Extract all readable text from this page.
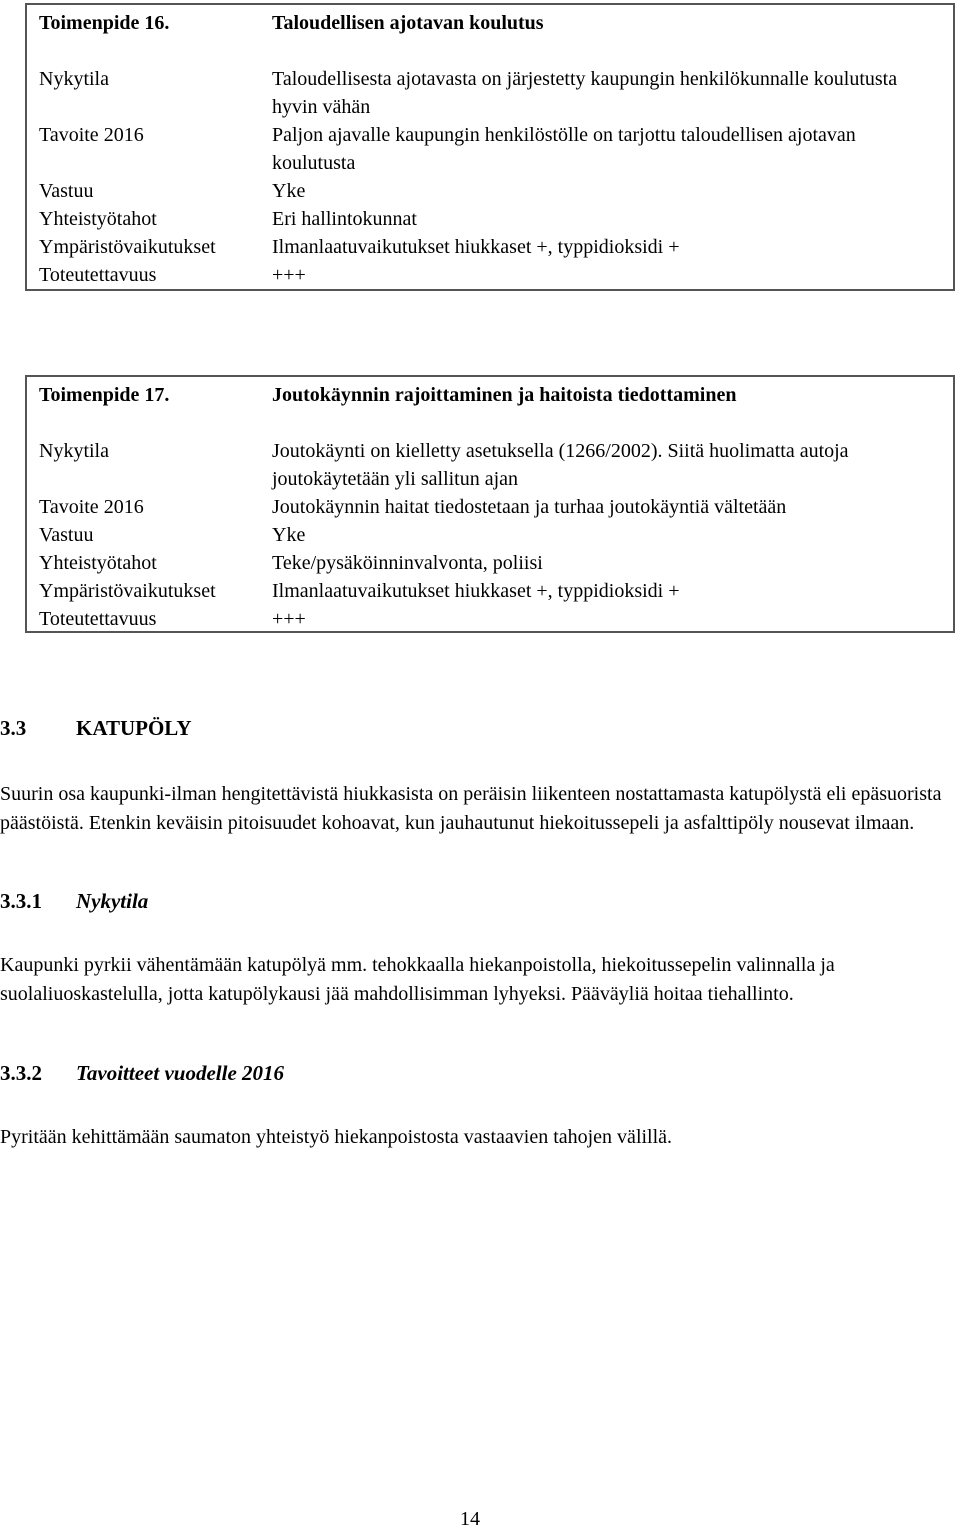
Toimenpide 16.	Taloudellisen ajotavan koulutus
Nykytila	Taloudellisesta ajotavasta on järjestetty kaupungin henkilökunnalle koulutusta hyvin vähän
Tavoite 2016	Paljon ajavalle kaupungin henkilöstölle on tarjottu taloudellisen ajotavan koulutusta
Vastuu	Yke
Yhteistyötahot	Eri hallintokunnat
Ympäristövaikutukset	Ilmanlaatuvaikutukset hiukkaset +, typpidioksidi +
Toteutettavuus	+++
Toimenpide 17.	Joutokäynnin rajoittaminen ja haitoista tiedottaminen
Nykytila	Joutokäynti on kielletty asetuksella (1266/2002). Siitä huolimatta autoja joutokäytetään yli sallitun ajan
Tavoite 2016	Joutokäynnin haitat tiedostetaan ja turhaa joutokäyntiä vältetään
Vastuu	Yke
Yhteistyötahot	Teke/pysäköinninvalvonta, poliisi
Ympäristövaikutukset	Ilmanlaatuvaikutukset hiukkaset +, typpidioksidi +
Toteutettavuus	+++
3.3 KATUPÖLY

Suurin osa kaupunki-ilman hengitettävistä hiukkasista on peräisin liikenteen nostattamasta katupölystä eli epäsuorista päästöistä. Etenkin keväisin pitoisuudet kohoavat, kun jauhautunut hiekoitussepeli ja asfalttipöly nousevat ilmaan.

3.3.1 Nykytila

Kaupunki pyrkii vähentämään katupölyä mm. tehokkaalla hiekanpoistolla, hiekoitussepelin valinnalla ja suolaliuoskastelulla, jotta katupölykausi jää mahdollisimman lyhyeksi. Pääväyliä hoitaa tiehallinto.

3.3.2 Tavoitteet vuodelle 2016

Pyritään kehittämään saumaton yhteistyö hiekanpoistosta vastaavien tahojen välillä.

14
